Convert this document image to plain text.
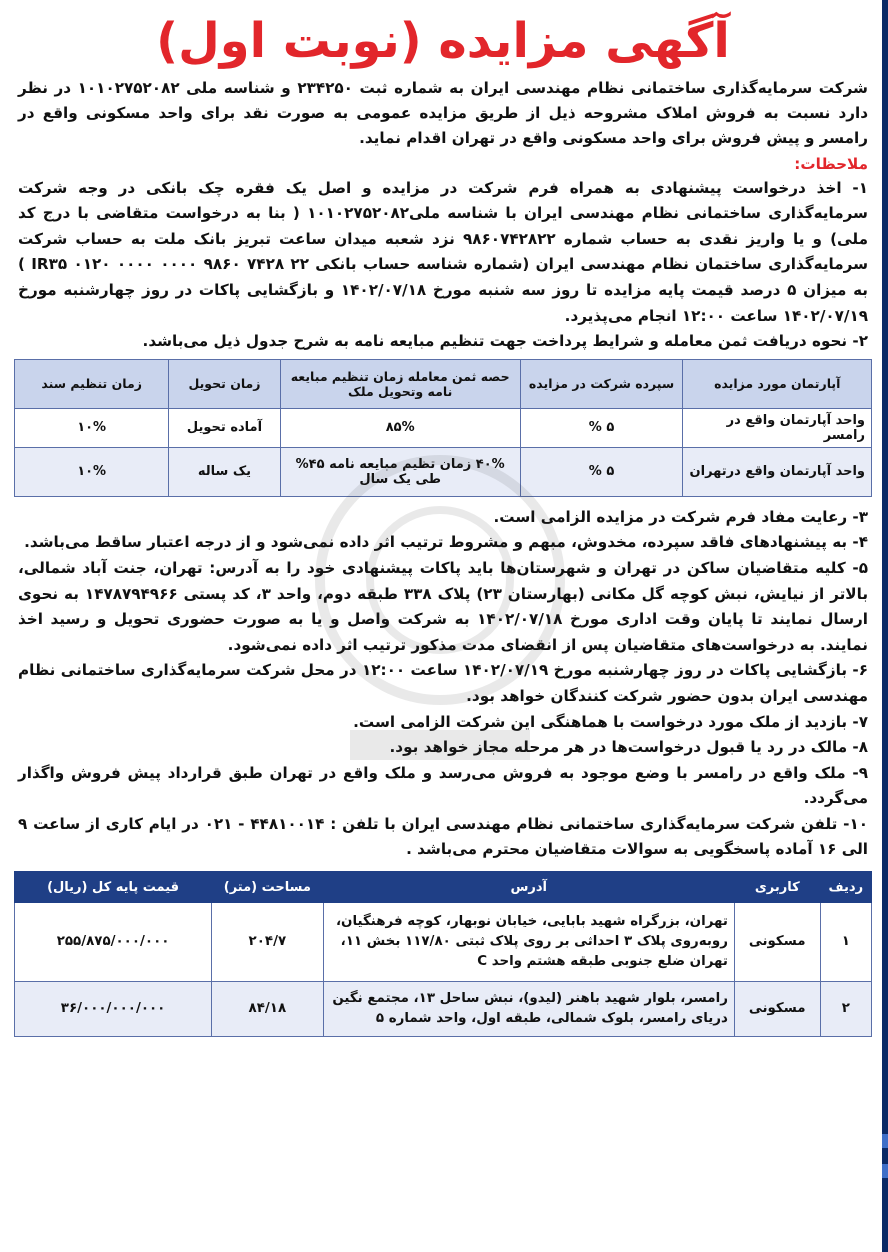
آگهی مزایده (نوبت اول)

شرکت سرمایه‌گذاری ساختمانی نظام مهندسی ایران به شماره ثبت ۲۳۴۲۵۰ و شناسه ملی ۱۰۱۰۲۷۵۲۰۸۲ در نظر دارد نسبت به فروش املاک مشروحه ذیل از طریق مزایده عمومی به صورت نقد برای واحد مسکونی واقع در رامسر و پیش فروش برای واحد مسکونی واقع در تهران اقدام نماید.

ملاحظات:

۱- اخذ درخواست پیشنهادی به همراه فرم شرکت در مزایده و اصل یک فقره چک بانکی در وجه شرکت سرمایه‌گذاری ساختمانی نظام مهندسی ایران با شناسه ملی۱۰۱۰۲۷۵۲۰۸۲ ( بنا به درخواست متقاضی با درج کد ملی) و یا واریز نقدی به حساب شماره ۹۸۶۰۷۴۲۸۲۲ نزد شعبه میدان ساعت تبریز بانک ملت به حساب شرکت سرمایه‌گذاری ساختمان نظام مهندسی ایران (شماره شناسه حساب بانکی IR۳۵ ۰۱۲۰ ۰۰۰۰ ۰۰۰۰ ۹۸۶۰ ۷۴۲۸ ۲۲ ) به میزان ۵ درصد قیمت پایه مزایده تا روز سه شنبه مورخ ۱۴۰۲/۰۷/۱۸ و بازگشایی پاکات در روز چهارشنبه مورخ ۱۴۰۲/۰۷/۱۹ ساعت ۱۲:۰۰ انجام می‌پذیرد.

۲- نحوه دریافت ثمن معامله و شرایط پرداخت جهت تنظیم مبایعه نامه به شرح جدول ذیل می‌باشد.

آپارتمان مورد مزایده	سپرده شرکت در مزایده	حصه ثمن معامله زمان تنظیم مبایعه نامه وتحویل ملک	زمان تحویل	زمان تنظیم سند
واحد آپارتمان واقع در رامسر	۵ %	۸۵%	آماده تحویل	۱۰%
واحد آپارتمان واقع درتهران	۵ %	۴۰% زمان تظیم مبایعه نامه ۴۵% طی یک سال	یک ساله	۱۰%

۳- رعایت مفاد فرم شرکت در مزایده الزامی است.

۴- به پیشنهادهای فاقد سپرده، مخدوش، مبهم و مشروط ترتیب اثر داده نمی‌شود و از درجه اعتبار ساقط می‌باشد.

۵- کلیه متقاضیان ساکن در تهران و شهرستان‌ها باید پاکات پیشنهادی خود را به آدرس: تهران، جنت آباد شمالی، بالاتر از نیایش، نبش کوچه گل مکانی (بهارستان ۲۳) پلاک ۳۳۸ طبقه دوم، واحد ۳، کد پستی ۱۴۷۸۷۹۴۹۶۶ به نحوی ارسال نمایند تا پایان وقت اداری مورخ ۱۴۰۲/۰۷/۱۸ به شرکت واصل و یا به صورت حضوری تحویل و رسید اخذ نمایند. به درخواست‌های متقاضیان پس از انقضای مدت مذکور ترتیب اثر داده نمی‌شود.

۶- بازگشایی پاکات در روز چهارشنبه مورخ ۱۴۰۲/۰۷/۱۹ ساعت ۱۲:۰۰ در محل شرکت سرمایه‌گذاری ساختمانی نظام مهندسی ایران بدون حضور شرکت کنندگان خواهد بود.

۷- بازدید از ملک مورد درخواست با هماهنگی این شرکت الزامی است.

۸- مالک در رد یا قبول درخواست‌ها در هر مرحله مجاز خواهد بود.

۹- ملک واقع در رامسر با وضع موجود به فروش می‌رسد و ملک واقع در تهران طبق قرارداد پیش فروش واگذار می‌گردد.

۱۰- تلفن شرکت سرمایه‌گذاری ساختمانی نظام مهندسی ایران با تلفن : ۴۴۸۱۰۰۱۴ - ۰۲۱ در ایام کاری از ساعت ۹ الی ۱۶ آماده پاسخگویی به سوالات متقاضیان محترم می‌باشد .

ردیف	کاربری	آدرس	مساحت (متر)	قیمت پایه کل (ریال)
۱	مسکونی	تهران، بزرگراه شهید بابایی، خیابان نوبهار، کوچه فرهنگیان، روبه‌روی پلاک ۳ احداثی بر روی پلاک ثبتی ۱۱۷/۸۰ بخش ۱۱، تهران ضلع جنوبی طبقه هشتم واحد C	۲۰۴/۷	۲۵۵/۸۷۵/۰۰۰/۰۰۰
۲	مسکونی	رامسر، بلوار شهید باهنر (لیدو)، نبش ساحل ۱۳، مجتمع نگین دریای رامسر، بلوک شمالی، طبقه اول، واحد شماره ۵	۸۴/۱۸	۳۶/۰۰۰/۰۰۰/۰۰۰
